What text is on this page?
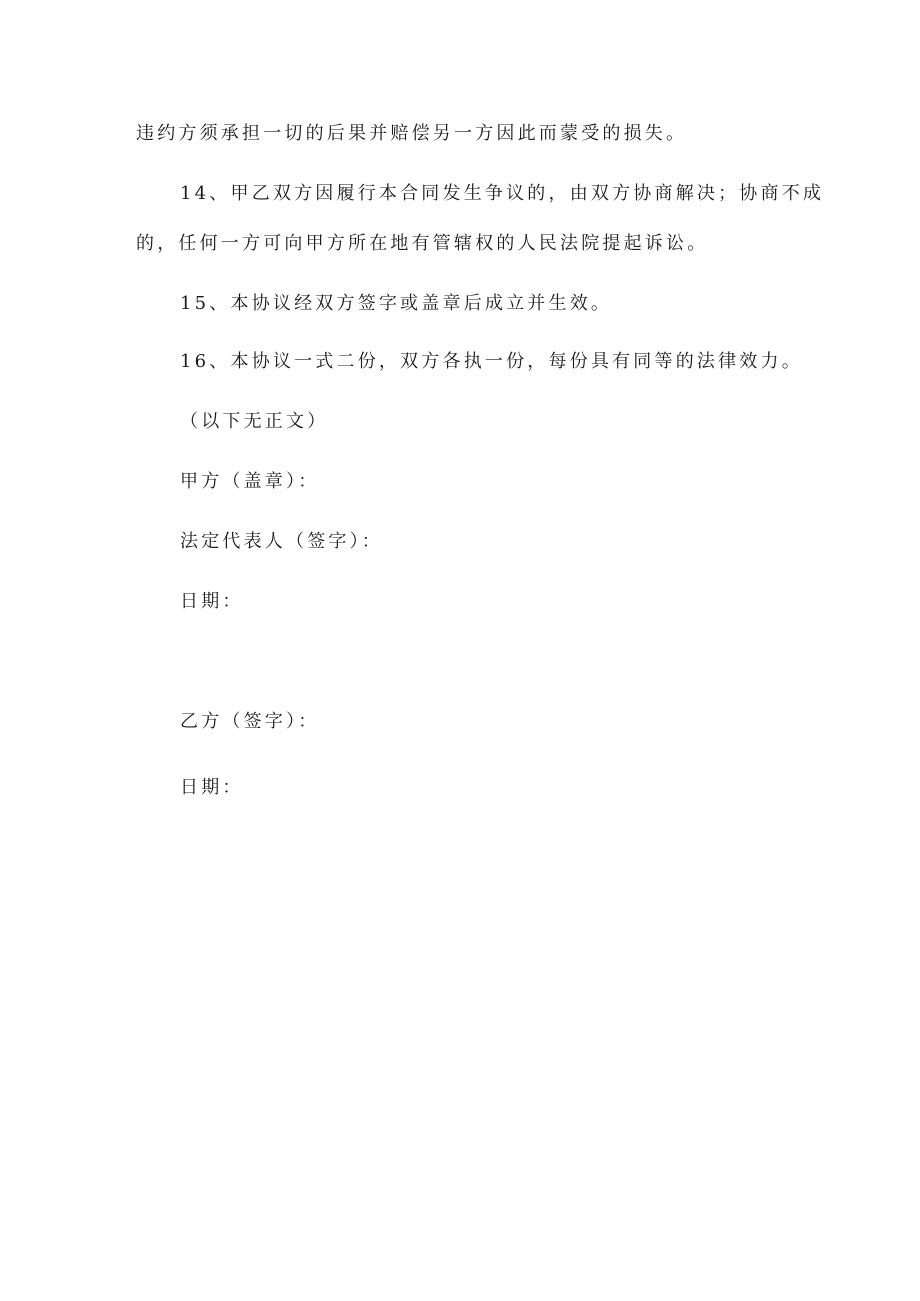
违约方须承担一切的后果并赔偿另一方因此而蒙受的损失。
14、甲乙双方因履行本合同发生争议的，由双方协商解决；协商不成
的，任何一方可向甲方所在地有管辖权的人民法院提起诉讼。
15、本协议经双方签字或盖章后成立并生效。
16、本协议一式二份，双方各执一份，每份具有同等的法律效力。
（以下无正文）
甲方（盖章）：
法定代表人（签字）：
日期：
乙方（签字）：
日期：
